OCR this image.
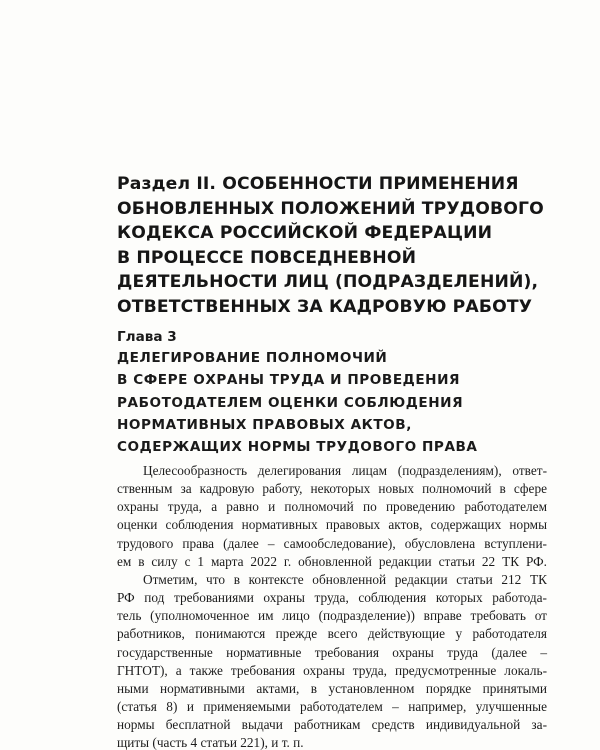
Раздел II. ОСОБЕННОСТИ ПРИМЕНЕНИЯ
ОБНОВЛЕННЫХ ПОЛОЖЕНИЙ ТРУДОВОГО
КОДЕКСА РОССИЙСКОЙ ФЕДЕРАЦИИ
В ПРОЦЕССЕ ПОВСЕДНЕВНОЙ
ДЕЯТЕЛЬНОСТИ ЛИЦ (ПОДРАЗДЕЛЕНИЙ),
ОТВЕТСТВЕННЫХ ЗА КАДРОВУЮ РАБОТУ
Глава 3
ДЕЛЕГИРОВАНИЕ ПОЛНОМОЧИЙ
В СФЕРЕ ОХРАНЫ ТРУДА И ПРОВЕДЕНИЯ
РАБОТОДАТЕЛЕМ ОЦЕНКИ СОБЛЮДЕНИЯ
НОРМАТИВНЫХ ПРАВОВЫХ АКТОВ,
СОДЕРЖАЩИХ НОРМЫ ТРУДОВОГО ПРАВА

Целесообразность делегирования лицам (подразделениям), ответ-
ственным за кадровую работу, некоторых новых полномочий в сфере
охраны труда, а равно и полномочий по проведению работодателем
оценки соблюдения нормативных правовых актов, содержащих нормы
трудового права (далее – самообследование), обусловлена вступлени-
ем в силу с 1 марта 2022 г. обновленной редакции статьи 22 ТК РФ.

Отметим, что в контексте обновленной редакции статьи 212 ТК
РФ под требованиями охраны труда, соблюдения которых работода-
тель (уполномоченное им лицо (подразделение)) вправе требовать от
работников, понимаются прежде всего действующие у работодателя
государственные нормативные требования охраны труда (далее –
ГНТОТ), а также требования охраны труда, предусмотренные локаль-
ными нормативными актами, в установленном порядке принятыми
(статья 8) и применяемыми работодателем – например, улучшенные
нормы бесплатной выдачи работникам средств индивидуальной за-
щиты (часть 4 статьи 221), и т. п.
